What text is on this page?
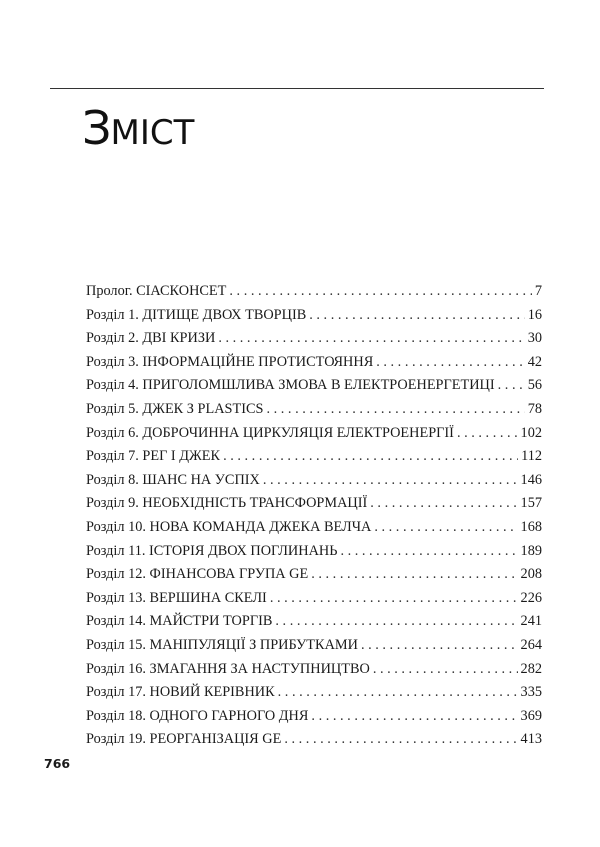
ЗМІСТ
Пролог. СІАСКОНСЕТ . . .	7
Розділ 1. ДІТИЩЕ ДВОХ ТВОРЦІВ . . .	16
Розділ 2. ДВІ КРИЗИ . . .	30
Розділ 3. ІНФОРМАЦІЙНЕ ПРОТИСТОЯННЯ . . .	42
Розділ 4. ПРИГОЛОМШЛИВА ЗМОВА В ЕЛЕКТРОЕНЕРГЕТИЦІ . . . 56
Розділ 5. ДЖЕК З PLASTICS . . .	78
Розділ 6. ДОБРОЧИННА ЦИРКУЛЯЦІЯ ЕЛЕКТРОЕНЕРГІЇ . . .	102
Розділ 7. РЕГ І ДЖЕК . . .	112
Розділ 8. ШАНС НА УСПІХ . . .	146
Розділ 9. НЕОБХІДНІСТЬ ТРАНСФОРМАЦІЇ . . .	157
Розділ 10. НОВА КОМАНДА ДЖЕКА ВЕЛЧА . . .	168
Розділ 11. ІСТОРІЯ ДВОХ ПОГЛИНАНЬ . . .	189
Розділ 12. ФІНАНСОВА ГРУПА GE . . .	208
Розділ 13. ВЕРШИНА СКЕЛІ . . .	226
Розділ 14. МАЙСТРИ ТОРГІВ . . .	241
Розділ 15. МАНІПУЛЯЦІЇ З ПРИБУТКАМИ . . .	264
Розділ 16. ЗМАГАННЯ ЗА НАСТУПНИЦТВО . . .	282
Розділ 17. НОВИЙ КЕРІВНИК . . .	335
Розділ 18. ОДНОГО ГАРНОГО ДНЯ . . .	369
Розділ 19. РЕОРГАНІЗАЦІЯ GE . . .	413
766
